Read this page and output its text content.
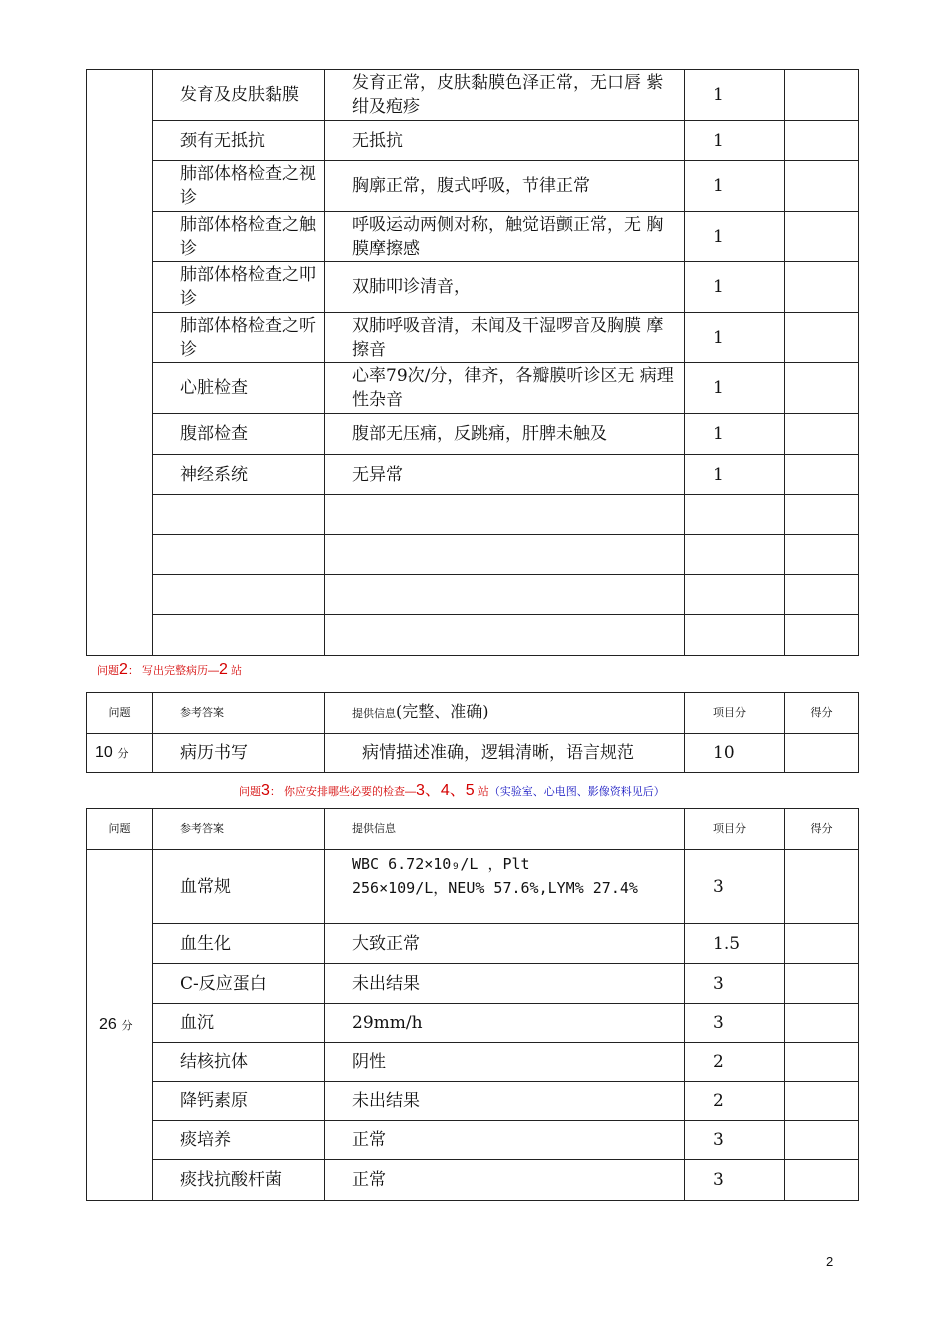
	发育及皮肤黏膜	发育正常，皮肤黏膜色泽正常，无口唇 紫绀及疱疹	1	
	颈有无抵抗	无抵抗	1	
	肺部体格检查之视诊	胸廓正常，腹式呼吸，节律正常	1	
	肺部体格检查之触诊	呼吸运动两侧对称，触觉语颤正常，无 胸膜摩擦感	1	
	肺部体格检查之叩诊	双肺叩诊清音，	1	
	肺部体格检查之听诊	双肺呼吸音清，未闻及干湿啰音及胸膜 摩擦音	1	
	心脏检查	心率79次/分，律齐，各瓣膜听诊区无 病理性杂音	1	
	腹部检查	腹部无压痛，反跳痛，肝脾未触及	1	
	神经系统	无异常	1	

问题2： 写出完整病历—2 站
问题	参考答案	提供信息(完整、准确)	项目分	得分
10 分	病历书写	病情描述准确，逻辑清晰，语言规范	10	
问题3： 你应安排哪些必要的检查—3、4、5 站（实验室、心电图、影像资料见后）
问题	参考答案	提供信息	项目分	得分
26 分	血常规	WBC 6.72×10₉/L ，Plt
256×109/L，NEU% 57.6%,LYM% 27.4%	3	
	血生化	大致正常	1.5	
	C-反应蛋白	未出结果	3	
	血沉	29mm/h	3	
	结核抗体	阴性	2	
	降钙素原	未出结果	2	
	痰培养	正常	3	
	痰找抗酸杆菌	正常	3	
2
